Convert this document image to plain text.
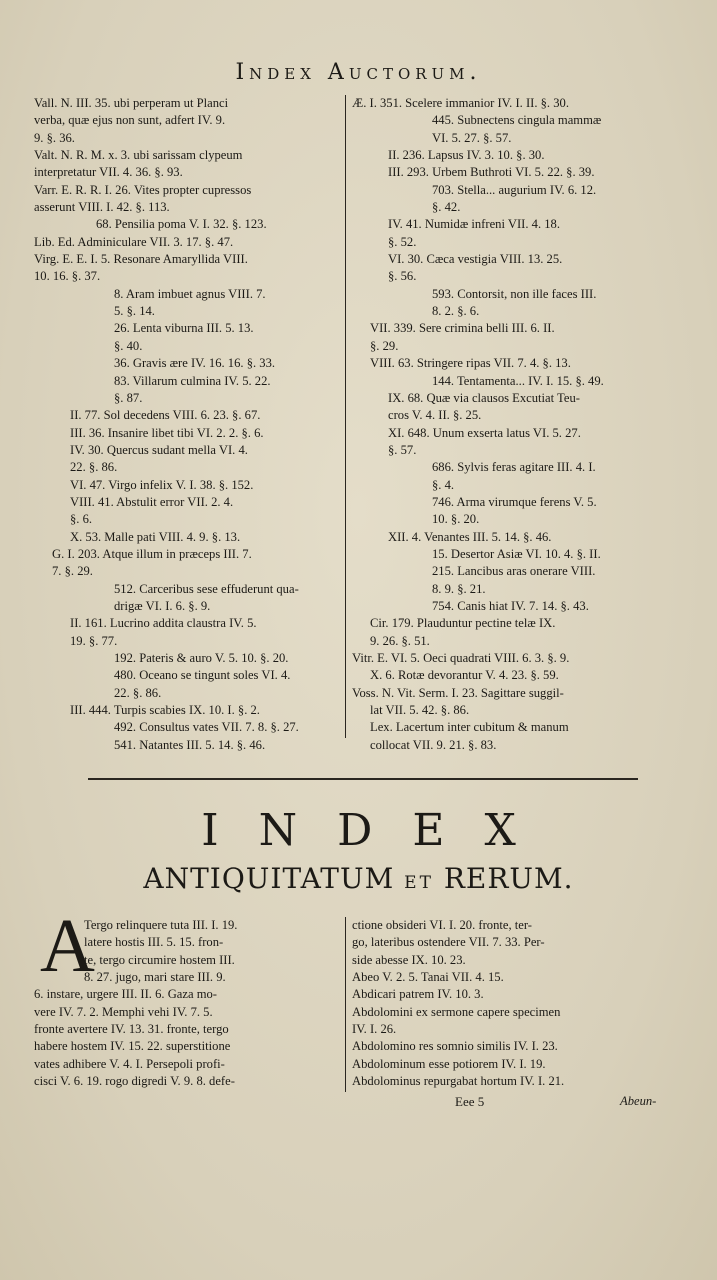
Index Auctorum.
Vall. N. III. 35. ubi perperam ut Planci
verba, quæ ejus non sunt, adfert IV. 9.
9. §. 36.
Valt. N. R. M. x. 3. ubi sarissam clypeum
interpretatur VII. 4. 36. §. 93.
Varr. E. R. R. I. 26. Vites propter cupressos
asserunt VIII. I. 42. §. 113.
68. Pensilia poma V. I. 32. §. 123.
Lib. Ed. Adminiculare VII. 3. 17. §. 47.
Virg. E. E. I. 5. Resonare Amaryllida VIII.
10. 16. §. 37.
8. Aram imbuet agnus VIII. 7.
5. §. 14.
26. Lenta viburna III. 5. 13.
§. 40.
36. Gravis ære IV. 16. 16. §. 33.
83. Villarum culmina IV. 5. 22.
§. 87.
II. 77. Sol decedens VIII. 6. 23. §. 67.
III. 36. Insanire libet tibi VI. 2. 2. §. 6.
IV. 30. Quercus sudant mella VI. 4.
22. §. 86.
VI. 47. Virgo infelix V. I. 38. §. 152.
VIII. 41. Abstulit error VII. 2. 4.
§. 6.
X. 53. Malle pati VIII. 4. 9. §. 13.
G. I. 203. Atque illum in præceps III. 7.
7. §. 29.
512. Carceribus sese effuderunt qua-
drigæ VI. I. 6. §. 9.
II. 161. Lucrino addita claustra IV. 5.
19. §. 77.
192. Pateris & auro V. 5. 10. §. 20.
480. Oceano se tingunt soles VI. 4.
22. §. 86.
III. 444. Turpis scabies IX. 10. I. §. 2.
492. Consultus vates VII. 7. 8. §. 27.
541. Natantes III. 5. 14. §. 46.
Æ. I. 351. Scelere immanior IV. I. II. §. 30.
445. Subnectens cingula mammæ
VI. 5. 27. §. 57.
II. 236. Lapsus IV. 3. 10. §. 30.
III. 293. Urbem Buthroti VI. 5. 22. §. 39.
703. Stella... augurium IV. 6. 12.
§. 42.
IV. 41. Numidæ infreni VII. 4. 18.
§. 52.
VI. 30. Cæca vestigia VIII. 13. 25.
§. 56.
593. Contorsit, non ille faces III.
8. 2. §. 6.
VII. 339. Sere crimina belli III. 6. II.
§. 29.
VIII. 63. Stringere ripas VII. 7. 4. §. 13.
144. Tentamenta... IV. I. 15. §. 49.
IX. 68. Quæ via clausos Excutiat Teu-
cros V. 4. II. §. 25.
XI. 648. Unum exserta latus VI. 5. 27.
§. 57.
686. Sylvis feras agitare III. 4. I.
§. 4.
746. Arma virumque ferens V. 5.
10. §. 20.
XII. 4. Venantes III. 5. 14. §. 46.
15. Desertor Asiæ VI. 10. 4. §. II.
215. Lancibus aras onerare VIII.
8. 9. §. 21.
754. Canis hiat IV. 7. 14. §. 43.
Cir. 179. Plauduntur pectine telæ IX.
9. 26. §. 51.
Vitr. E. VI. 5. Oeci quadrati VIII. 6. 3. §. 9.
X. 6. Rotæ devorantur V. 4. 23. §. 59.
Voss. N. Vit. Serm. I. 23. Sagittare suggil-
lat VII. 5. 42. §. 86.
Lex. Lacertum inter cubitum & manum
collocat VII. 9. 21. §. 83.
INDEX
ANTIQUITATUM ET RERUM.
A
Tergo relinquere tuta III. I. 19.
latere hostis III. 5. 15. fron-
te, tergo circumire hostem III.
8. 27. jugo, mari stare III. 9.
6. instare, urgere III. II. 6. Gaza mo-
vere IV. 7. 2. Memphi vehi IV. 7. 5.
fronte avertere IV. 13. 31. fronte, tergo
habere hostem IV. 15. 22. superstitione
vates adhibere V. 4. I. Persepoli profi-
cisci V. 6. 19. rogo digredi V. 9. 8. defe-
ctione obsideri VI. I. 20. fronte, ter-
go, lateribus ostendere VII. 7. 33. Per-
side abesse IX. 10. 23.
Abeo V. 2. 5. Tanai VII. 4. 15.
Abdicari patrem IV. 10. 3.
Abdolomini ex sermone capere specimen
IV. I. 26.
Abdolomino res somnio similis IV. I. 23.
Abdolominum esse potiorem IV. I. 19.
Abdolominus repurgabat hortum IV. I. 21.
Eee 5	Abeun-
